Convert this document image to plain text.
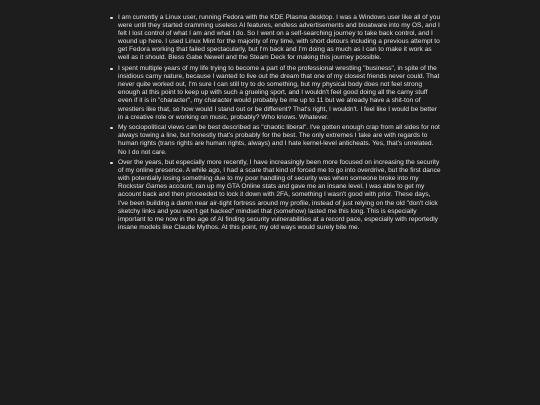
I am currently a Linux user, running Fedora with the KDE Plasma desktop. I was a Windows user like all of you were until they started cramming useless AI features, endless advertisements and bloatware into my OS, and I felt I lost control of what I am and what I do. So I went on a self-searching journey to take back control, and I wound up here. I used Linux Mint for the majority of my time, with short detours including a previous attempt to get Fedora working that failed spectacularly, but I'm back and I'm doing as much as I can to make it work as well as it should. Bless Gabe Newell and the Steam Deck for making this journey possible.
I spent multiple years of my life trying to become a part of the professional wrestling "business", in spite of the insidious carny nature, because I wanted to live out the dream that one of my closest friends never could. That never quite worked out, I'm sure I can still try to do something, but my physical body does not feel strong enough at this point to keep up with such a grueling sport, and I wouldn't feel good doing all the carny stuff even if it is in "character", my character would probably be me up to 11 but we already have a shit-ton of wrestlers like that, so how would I stand out or be different? That's right, I wouldn't. I feel like I would be better in a creative role or working on music, probably? Who knows. Whatever.
My sociopolitical views can be best described as "chaotic liberal". I've gotten enough crap from all sides for not always towing a line, but honestly that's probably for the best. The only extremes I take are with regards to human rights (trans rights are human rights, always) and I hate kernel-level anticheats. Yes, that's unrelated. No I do not care.
Over the years, but especially more recently, I have increasingly been more focused on increasing the security of my online presence. A while ago, I had a scare that kind of forced me to go into overdrive, but the first dance with potentially losing something due to my poor handling of security was when someone broke into my Rockstar Games account, ran up my GTA Online stats and gave me an insane level. I was able to get my account back and then proceeded to lock it down with 2FA, something I wasn't good with prior. These days, I've been building a damn near air-tight fortress around my profile, instead of just relying on the old "don't click sketchy links and you won't get hacked" mindset that (somehow) lasted me this long. This is especially important to me now in the age of AI finding security vulnerabilities at a record pace, especially with reportedly insane models like Claude Mythos. At this point, my old ways would surely bite me.
